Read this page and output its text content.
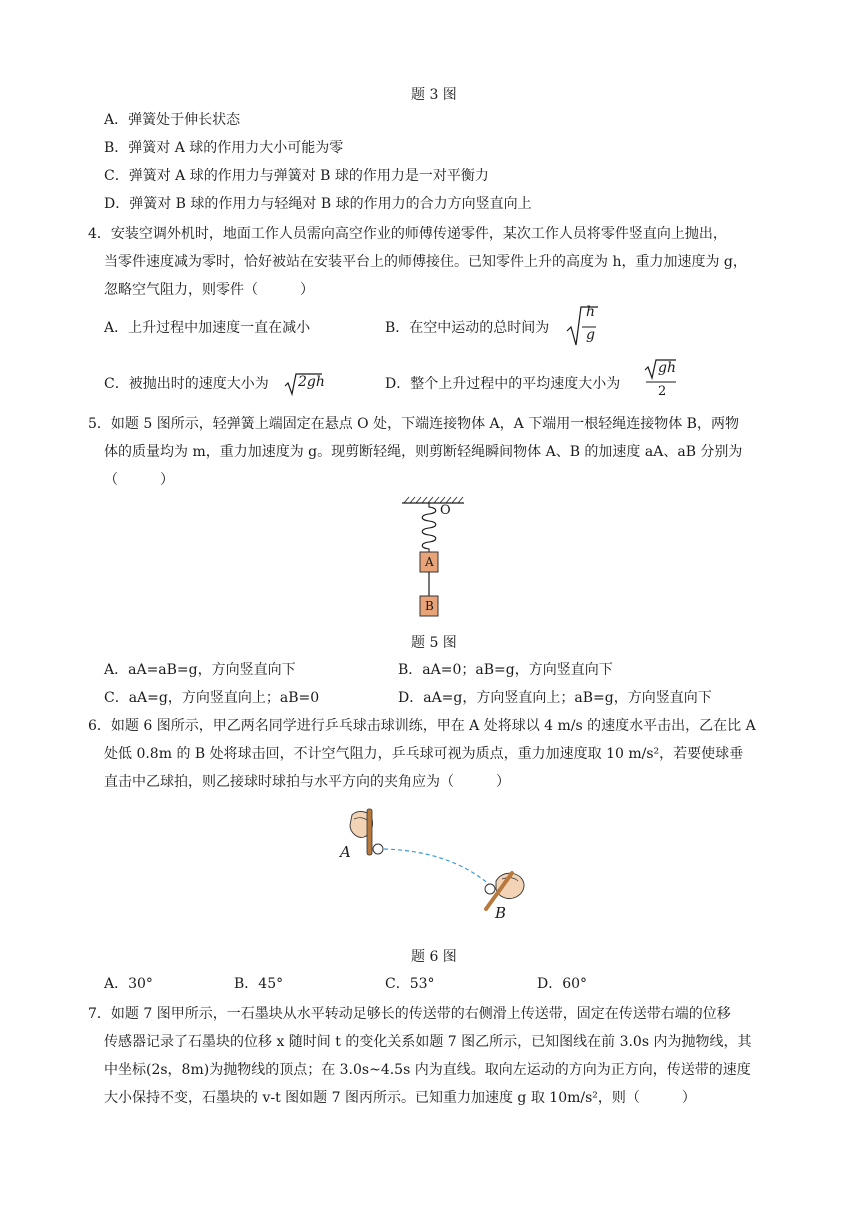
题 3 图
A．弹簧处于伸长状态
B．弹簧对 A 球的作用力大小可能为零
C．弹簧对 A 球的作用力与弹簧对 B 球的作用力是一对平衡力
D．弹簧对 B 球的作用力与轻绳对 B 球的作用力的合力方向竖直向上
4．安装空调外机时，地面工作人员需向高空作业的师傅传递零件，某次工作人员将零件竖直向上抛出，
当零件速度减为零时，恰好被站在安装平台上的师傅接住。已知零件上升的高度为 h，重力加速度为 g，
忽略空气阻力，则零件（　　　）
A．上升过程中加速度一直在减小	B．在空中运动的总时间为
h
g
C．被抛出时的速度大小为 2gh	D．整个上升过程中的平均速度大小为
gh
2
5．如题 5 图所示，轻弹簧上端固定在悬点 O 处，下端连接物体 A，A 下端用一根轻绳连接物体 B，两物
体的质量均为 m，重力加速度为 g。现剪断轻绳，则剪断轻绳瞬间物体 A、B 的加速度 aA、aB 分别为
（　　　）
O
A
B
题 5 图
A．aA=aB=g，方向竖直向下	B．aA=0；aB=g，方向竖直向下
C．aA=g，方向竖直向上；aB=0	D．aA=g，方向竖直向上；aB=g，方向竖直向下
6．如题 6 图所示，甲乙两名同学进行乒乓球击球训练，甲在 A 处将球以 4 m/s 的速度水平击出，乙在比 A
处低 0.8m 的 B 处将球击回，不计空气阻力，乒乓球可视为质点，重力加速度取 10 m/s²，若要使球垂
直击中乙球拍，则乙接球时球拍与水平方向的夹角应为（　　　）
A
B
题 6 图
A．30°	B．45°	C．53°	D．60°
7．如题 7 图甲所示，一石墨块从水平转动足够长的传送带的右侧滑上传送带，固定在传送带右端的位移
传感器记录了石墨块的位移 x 随时间 t 的变化关系如题 7 图乙所示，已知图线在前 3.0s 内为抛物线，其
中坐标(2s，8m)为抛物线的顶点；在 3.0s~4.5s 内为直线。取向左运动的方向为正方向，传送带的速度
大小保持不变，石墨块的 v-t 图如题 7 图丙所示。已知重力加速度 g 取 10m/s²，则（　　　）
